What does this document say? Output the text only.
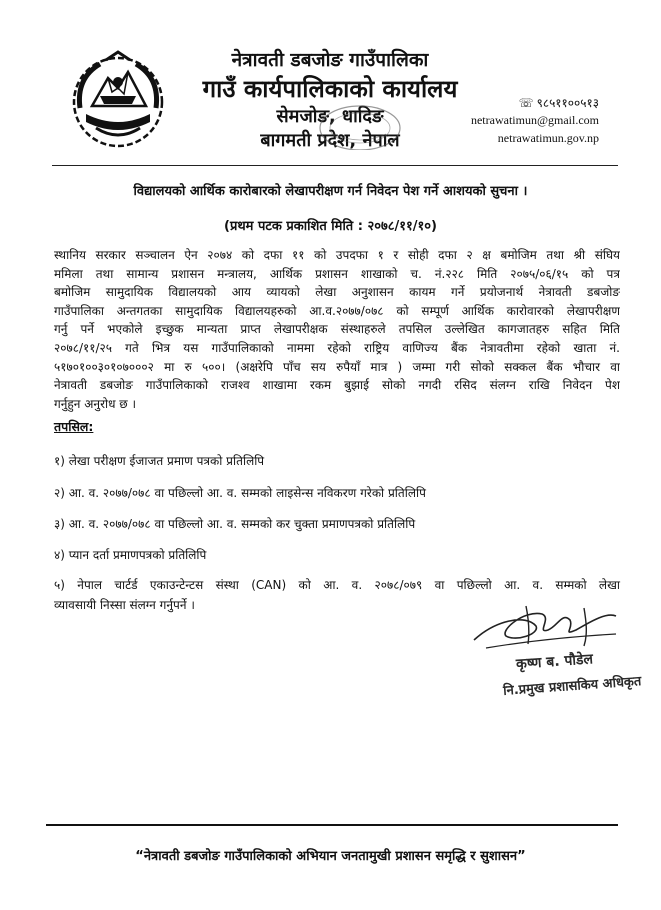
नेत्रावती डबजोङ गाउँपालिका
गाउँ कार्यपालिकाको कार्यालय
सेमजोङ, धादिङ
बागमती प्रदेश, नेपाल
☏ ९८५११००५१३
netrawatimun@gmail.com
netrawatimun.gov.np
विद्यालयको आर्थिक कारोबारको लेखापरीक्षण गर्न निवेदन पेश गर्ने आशयको सुचना ।
(प्रथम पटक प्रकाशित मिति : २०७८/११/१०)
स्थानिय सरकार सञ्चालन ऐन २०७४ को दफा ११ को उपदफा १ र सोही दफा २ क्ष बमोजिम तथा श्री संघिय
ममिला तथा सामान्य प्रशासन मन्त्रालय, आर्थिक प्रशासन शाखाको च. नं.२२८ मिति २०७५/०६/१५ को पत्र
बमोजिम सामुदायिक विद्यालयको आय व्यायको लेखा अनुशासन कायम गर्ने प्रयोजनार्थ नेत्रावती डबजोङ
गाउँपालिका अन्तगतका सामुदायिक विद्यालयहरुको आ.व.२०७७/०७८ को सम्पूर्ण आर्थिक कारोवारको लेखापरीक्षण
गर्नु पर्ने भएकोले इच्छुक मान्यता प्राप्त लेखापरीक्षक संस्थाहरुले तपसिल उल्लेखित कागजातहरु सहित मिति
२०७८/११/२५ गते भित्र यस गाउँपालिकाको नाममा रहेको राष्ट्रिय वाणिज्य बैंक नेत्रावतीमा रहेको खाता नं.
५१७०१००३०१०७०००२ मा रु ५००। (अक्षरेपि पाँच सय रुपैयाँ मात्र ) जम्मा गरी सोको सक्कल बैंक भौचार वा
नेत्रावती डबजोङ गाउँपालिकाको राजश्व शाखामा रकम बुझाई सोको नगदी रसिद संलग्न राखि निवेदन पेश
गर्नुहुन अनुरोध छ ।
तपसिल:
१) लेखा परीक्षण ईजाजत प्रमाण पत्रको प्रतिलिपि
२) आ. व. २०७७/०७८ वा पछिल्लो आ. व. सम्मको लाइसेन्स नविकरण गरेको प्रतिलिपि
३) आ. व. २०७७/०७८ वा पछिल्लो आ. व. सम्मको कर चुक्ता प्रमाणपत्रको प्रतिलिपि
४) प्यान दर्ता प्रमाणपत्रको प्रतिलिपि
५) नेपाल चार्टर्ड एकाउन्टेन्टस संस्था (CAN) को आ. व. २०७८/०७९ वा पछिल्लो आ. व. सम्मको लेखा
व्यावसायी निस्सा संलग्न गर्नुपर्ने ।
कृष्ण ब. पौडेल
नि.प्रमुख प्रशासकिय अधिकृत
“नेत्रावती डबजोङ गाउँपालिकाको अभियान जनतामुखी प्रशासन समृद्धि र सुशासन”
